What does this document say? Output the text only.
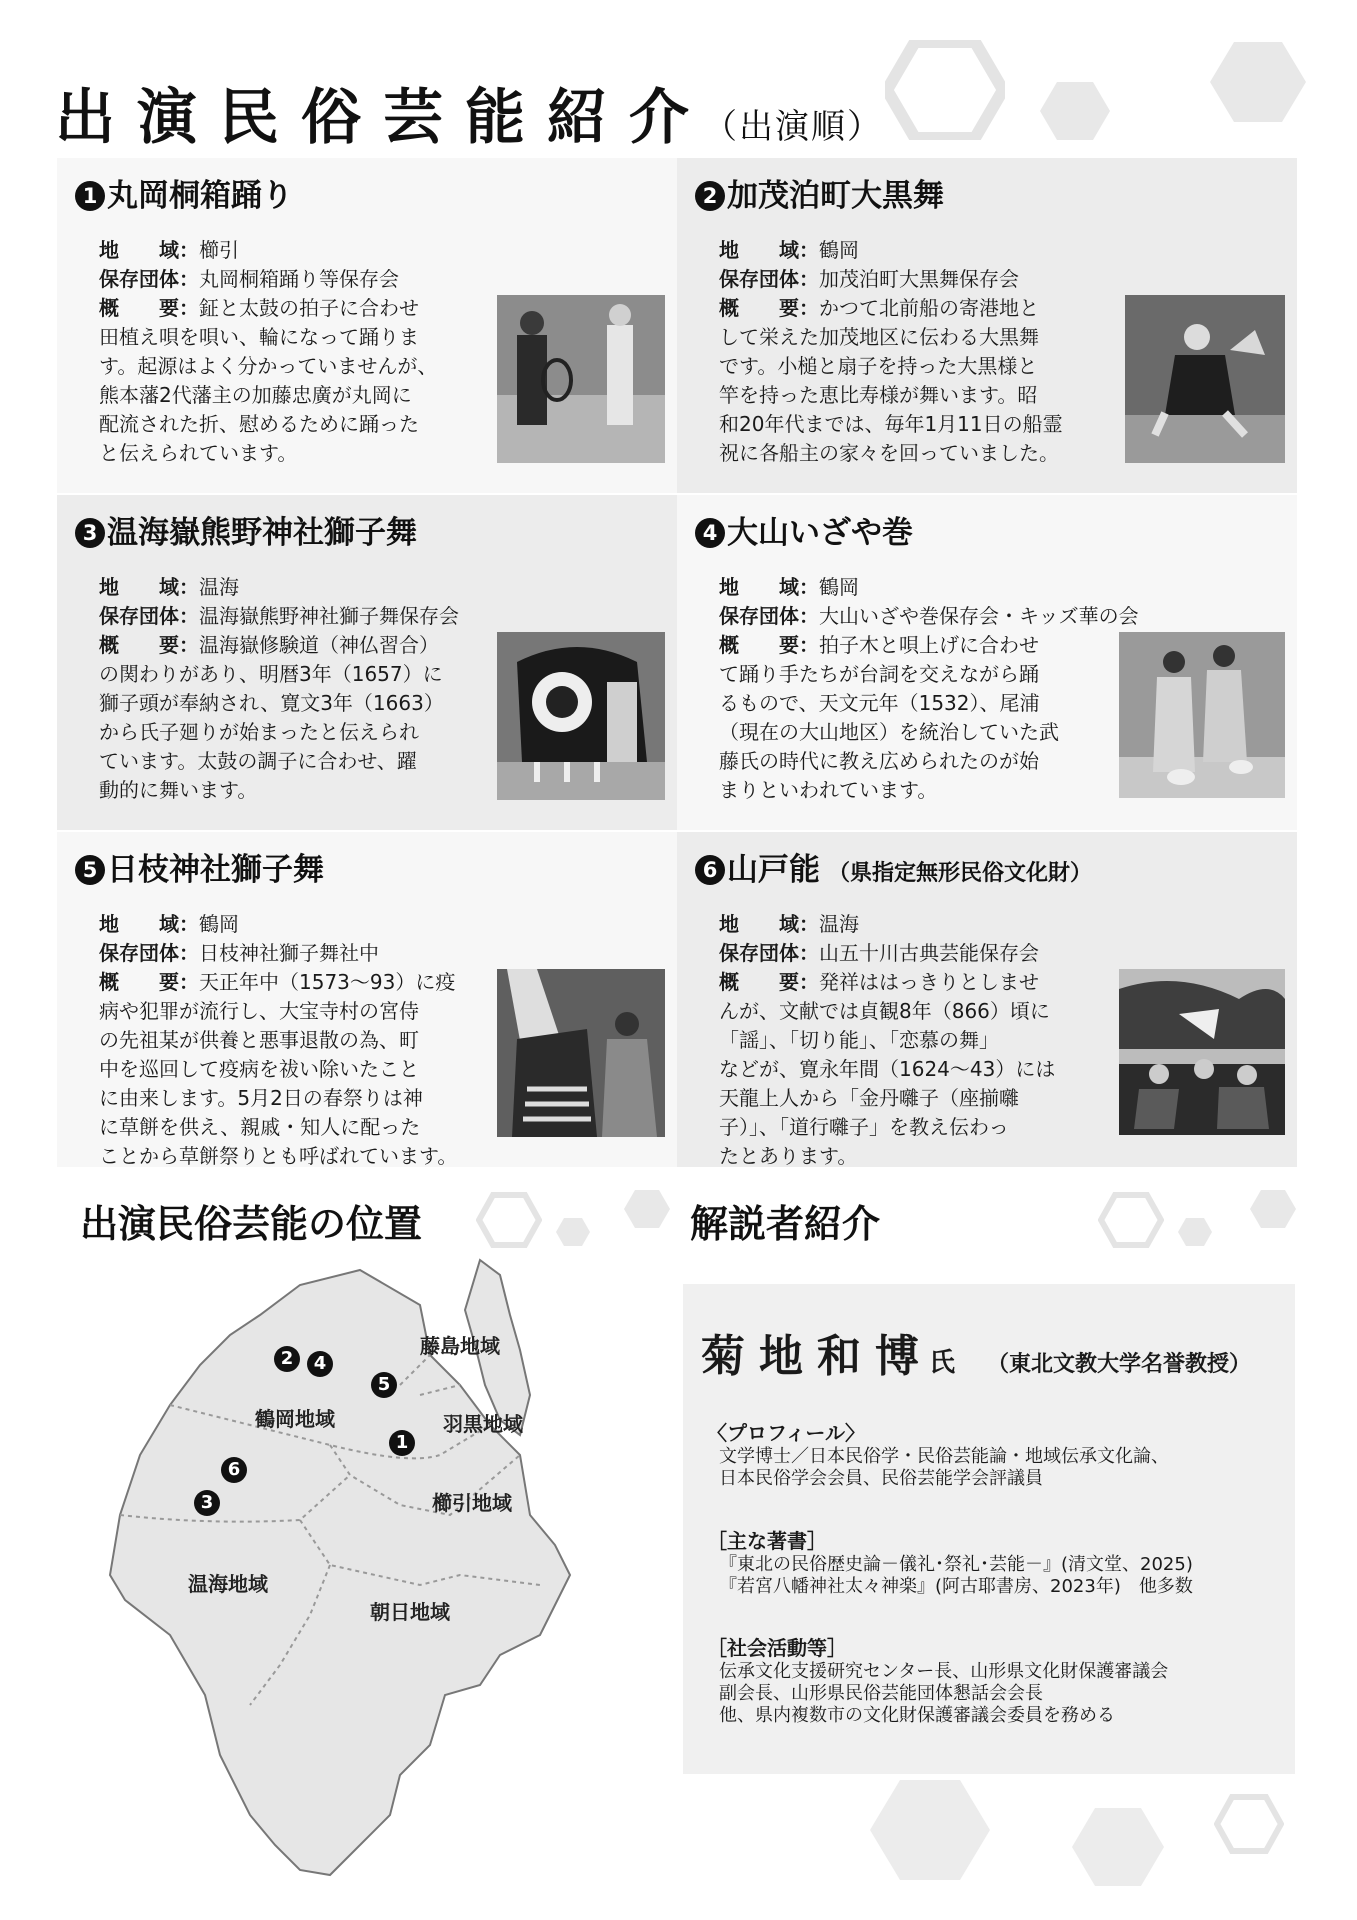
出演民俗芸能紹介（出演順）
1 丸岡桐箱踊り
地　　域：櫛引
保存団体：丸岡桐箱踊り等保存会
概　　要：鉦と太鼓の拍子に合わせ
田植え唄を唄い、輪になって踊りま
す。起源はよく分かっていませんが、
熊本藩2代藩主の加藤忠廣が丸岡に
配流された折、慰めるために踊った
と伝えられています。
2 加茂泊町大黒舞
地　　域：鶴岡
保存団体：加茂泊町大黒舞保存会
概　　要：かつて北前船の寄港地と
して栄えた加茂地区に伝わる大黒舞
です。小槌と扇子を持った大黒様と
竿を持った恵比寿様が舞います。昭
和20年代までは、毎年1月11日の船霊
祝に各船主の家々を回っていました。
3 温海嶽熊野神社獅子舞
地　　域：温海
保存団体：温海嶽熊野神社獅子舞保存会
概　　要：温海嶽修験道（神仏習合）
の関わりがあり、明暦3年（1657）に
獅子頭が奉納され、寛文3年（1663）
から氏子廻りが始まったと伝えられ
ています。太鼓の調子に合わせ、躍
動的に舞います。
4 大山いざや巻
地　　域：鶴岡
保存団体：大山いざや巻保存会・キッズ華の会
概　　要：拍子木と唄上げに合わせ
て踊り手たちが台詞を交えながら踊
るもので、天文元年（1532）、尾浦
（現在の大山地区）を統治していた武
藤氏の時代に教え広められたのが始
まりといわれています。
5 日枝神社獅子舞
地　　域：鶴岡
保存団体：日枝神社獅子舞社中
概　　要：天正年中（1573～93）に疫
病や犯罪が流行し、大宝寺村の宮侍
の先祖某が供養と悪事退散の為、町
中を巡回して疫病を祓い除いたこと
に由来します。5月2日の春祭りは神
に草餅を供え、親戚・知人に配った
ことから草餅祭りとも呼ばれています。
6 山戸能 （県指定無形民俗文化財）
地　　域：温海
保存団体：山五十川古典芸能保存会
概　　要：発祥ははっきりとしませ
んが、文献では貞観8年（866）頃に
「謡」、「切り能」、「恋慕の舞」
などが、寛永年間（1624～43）には
天龍上人から「金丹囃子（座揃囃
子）」、「道行囃子」を教え伝わっ
たとあります。
出演民俗芸能の位置
藤島地域
鶴岡地域	羽黒地域
櫛引地域
温海地域
朝日地域
1
2
3
4
5
6
解説者紹介
菊地和博氏 （東北文教大学名誉教授）
〈プロフィール〉
文学博士／日本民俗学・民俗芸能論・地域伝承文化論、
日本民俗学会会員、民俗芸能学会評議員
［主な著書］
『東北の民俗歴史論－儀礼･祭礼･芸能－』(清文堂、2025)
『若宮八幡神社太々神楽』(阿古耶書房、2023年)　他多数
［社会活動等］
伝承文化支援研究センター長、山形県文化財保護審議会
副会長、山形県民俗芸能団体懇話会会長
他、県内複数市の文化財保護審議会委員を務める
